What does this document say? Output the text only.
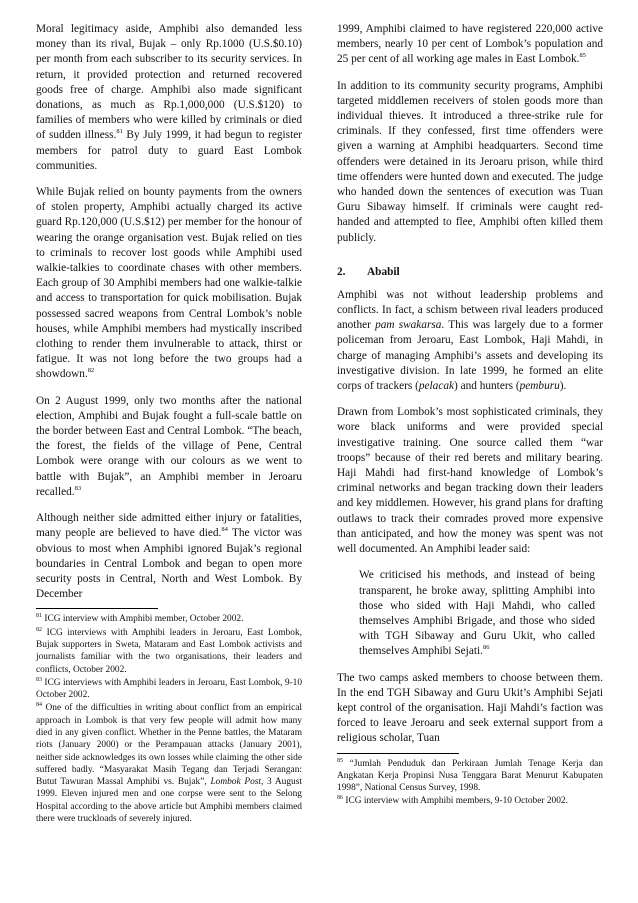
Moral legitimacy aside, Amphibi also demanded less money than its rival, Bujak – only Rp.1000 (U.S.$0.10) per month from each subscriber to its security services. In return, it provided protection and returned recovered goods free of charge. Amphibi also made significant donations, as much as Rp.1,000,000 (U.S.$120) to families of members who were killed by criminals or died of sudden illness.$^{81}$ By July 1999, it had begun to register members for patrol duty to guard East Lombok communities.

While Bujak relied on bounty payments from the owners of stolen property, Amphibi actually charged its active guard Rp.120,000 (U.S.$12) per member for the honour of wearing the orange organisation vest. Bujak relied on ties to criminals to recover lost goods while Amphibi used walkie-talkies to coordinate chases with other members. Each group of 30 Amphibi members had one walkie-talkie and access to transportation for quick mobilisation. Bujak possessed sacred weapons from Central Lombok’s noble houses, while Amphibi members had mystically inscribed clothing to render them invulnerable to attack, thirst or fatigue. It was not long before the two groups had a showdown.$^{82}$

On 2 August 1999, only two months after the national election, Amphibi and Bujak fought a full-scale battle on the border between East and Central Lombok. “The beach, the forest, the fields of the village of Pene, Central Lombok were orange with our colours as we went to battle with Bujak”, an Amphibi member in Jeroaru recalled.$^{83}$

Although neither side admitted either injury or fatalities, many people are believed to have died.$^{84}$ The victor was obvious to most when Amphibi ignored Bujak’s regional boundaries in Central Lombok and began to open more security posts in Central, North and West Lombok. By December

$^{81}$ ICG interview with Amphibi member, October 2002.

$^{82}$ ICG interviews with Amphibi leaders in Jeroaru, East Lombok, Bujak supporters in Sweta, Mataram and East Lombok activists and journalists familiar with the two organisations, their leaders and conflicts, October 2002.

$^{83}$ ICG interviews with Amphibi leaders in Jeroaru, East Lombok, 9-10 October 2002.

$^{84}$ One of the difficulties in writing about conflict from an empirical approach in Lombok is that very few people will admit how many died in any given conflict. Whether in the Penne battles, the Mataram riots (January 2000) or the Perampauan attacks (January 2001), neither side acknowledges its own losses while claiming the other side suffered badly. “Masyarakat Masih Tegang dan Terjadi Serangan: Butut Tawuran Massal Amphibi vs. Bujak”, Lombok Post, 3 August 1999. Eleven injured men and one corpse were sent to the Selong Hospital according to the above article but Amphibi members claimed there were truckloads of severely injured.

1999, Amphibi claimed to have registered 220,000 active members, nearly 10 per cent of Lombok’s population and 25 per cent of all working age males in East Lombok.$^{85}$

In addition to its community security programs, Amphibi targeted middlemen receivers of stolen goods more than individual thieves. It introduced a three-strike rule for criminals. If they confessed, first time offenders were given a warning at Amphibi headquarters. Second time offenders were detained in its Jeroaru prison, while third time offenders were hunted down and executed. The judge who handed down the sentences of execution was Tuan Guru Sibaway himself. If criminals were caught red-handed and attempted to flee, Amphibi often killed them publicly.

2. Ababil

Amphibi was not without leadership problems and conflicts. In fact, a schism between rival leaders produced another pam swakarsa. This was largely due to a former policeman from Jeroaru, East Lombok, Haji Mahdi, in charge of managing Amphibi’s assets and developing its investigative division. In late 1999, he formed an elite corps of trackers (pelacak) and hunters (pemburu).

Drawn from Lombok’s most sophisticated criminals, they wore black uniforms and were provided special investigative training. One source called them “war troops” because of their red berets and military bearing. Haji Mahdi had first-hand knowledge of Lombok’s criminal networks and began tracking down their leaders and key middlemen. However, his grand plans for drafting outlaws to track their comrades proved more expensive than anticipated, and how the money was spent was not well documented. An Amphibi leader said:

We criticised his methods, and instead of being transparent, he broke away, splitting Amphibi into those who sided with Haji Mahdi, who called themselves Amphibi Brigade, and those who sided with TGH Sibaway and Guru Ukit, who called themselves Amphibi Sejati.$^{86}$

The two camps asked members to choose between them. In the end TGH Sibaway and Guru Ukit’s Amphibi Sejati kept control of the organisation. Haji Mahdi’s faction was forced to leave Jeroaru and seek external support from a religious scholar, Tuan

$^{85}$ “Jumlah Penduduk dan Perkiraan Jumlah Tenage Kerja dan Angkatan Kerja Propinsi Nusa Tenggara Barat Menurut Kabupaten 1998”, National Census Survey, 1998.

$^{86}$ ICG interview with Amphibi members, 9-10 October 2002.
